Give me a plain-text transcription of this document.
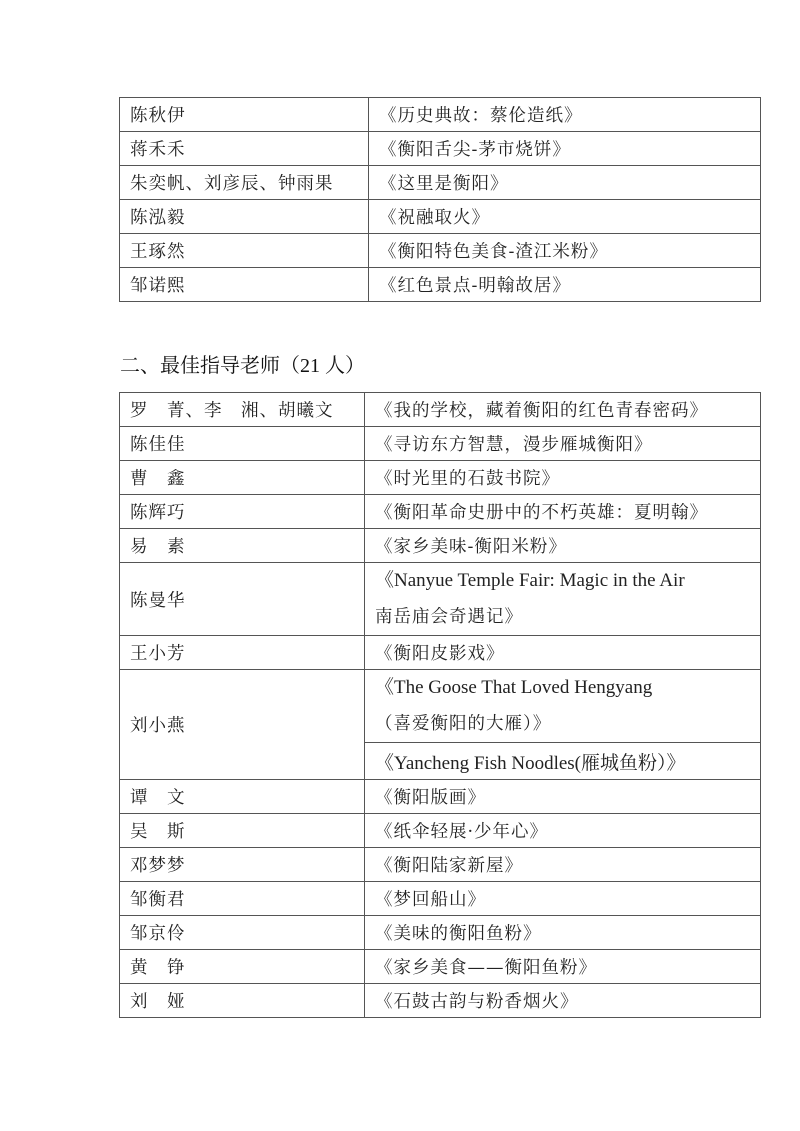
陈秋伊	《历史典故：蔡伦造纸》
蒋禾禾	《衡阳舌尖-茅市烧饼》
朱奕帆、刘彦辰、钟雨果	《这里是衡阳》
陈泓毅	《祝融取火》
王琢然	《衡阳特色美食-渣江米粉》
邹诺熙	《红色景点-明翰故居》
二、最佳指导老师（21 人）
罗　菁、李　湘、胡曦文	《我的学校，藏着衡阳的红色青春密码》
陈佳佳	《寻访东方智慧，漫步雁城衡阳》
曹　鑫	《时光里的石鼓书院》
陈辉巧	《衡阳革命史册中的不朽英雄：夏明翰》
易　素	《家乡美味-衡阳米粉》
陈曼华	《Nanyue Temple Fair: Magic in the Air
南岳庙会奇遇记》

王小芳	《衡阳皮影戏》
刘小燕	《The Goose That Loved Hengyang
（喜爱衡阳的大雁）》

	《Yancheng Fish Noodles(雁城鱼粉）》
谭　文	《衡阳版画》
吴　斯	《纸伞轻展·少年心》
邓梦梦	《衡阳陆家新屋》
邹衡君	《梦回船山》
邹京伶	《美味的衡阳鱼粉》
黄　铮	《家乡美食——衡阳鱼粉》
刘　娅	《石鼓古韵与粉香烟火》
